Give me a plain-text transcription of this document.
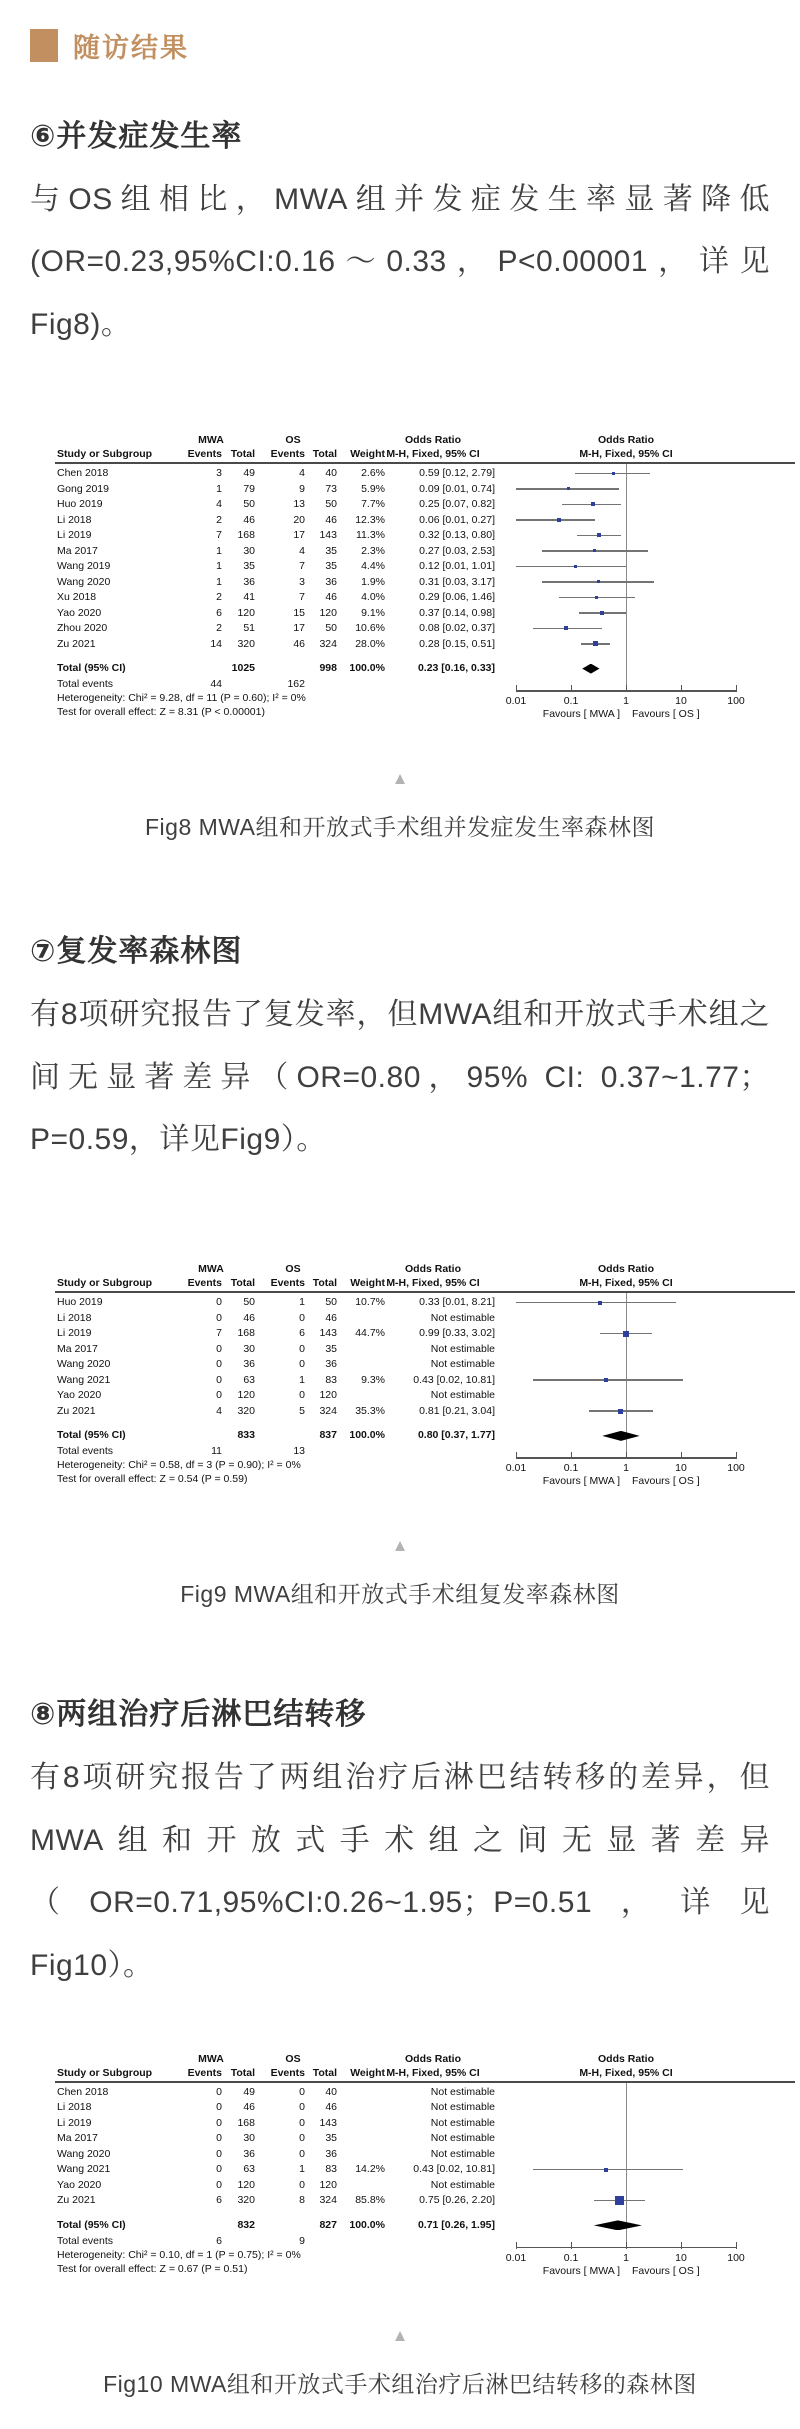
随访结果
⑥并发症发生率

与OS组相比，MWA组并发症发生率显著降低(OR=0.23,95%CI:0.16～0.33，P<0.00001，详见Fig8)。

MWA	OS	Odds Ratio	Odds Ratio
Study or Subgroup	Events Total	Events Total	Weight M-H, Fixed, 95% CI	M-H, Fixed, 95% CI
Chen 2018	3	49	4	40	2.6%	0.59 [0.12, 2.79]
Gong 2019	1	79	9	73	5.9%	0.09 [0.01, 0.74]
Huo 2019	4	50	13	50	7.7%	0.25 [0.07, 0.82]
Li 2018	2	46	20	46	12.3%	0.06 [0.01, 0.27]
Li 2019	7	168	17	143	11.3%	0.32 [0.13, 0.80]
Ma 2017	1	30	4	35	2.3%	0.27 [0.03, 2.53]
Wang 2019	1	35	7	35	4.4%	0.12 [0.01, 1.01]
Wang 2020	1	36	3	36	1.9%	0.31 [0.03, 3.17]
Xu 2018	2	41	7	46	4.0%	0.29 [0.06, 1.46]
Yao 2020	6	120	15	120	9.1%	0.37 [0.14, 0.98]
Zhou 2020	2	51	17	50	10.6%	0.08 [0.02, 0.37]
Zu 2021	14	320	46	324	28.0%	0.28 [0.15, 0.51]
Total (95% CI)	1025	998	100.0%	0.23 [0.16, 0.33]
Total events	44	162
Heterogeneity: Chi² = 9.28, df = 11 (P = 0.60); I² = 0%
Test for overall effect: Z = 8.31 (P < 0.00001)
0.01	0.1	1	10	100
Favours [ MWA ] Favours [ OS ]
▲
Fig8 MWA组和开放式手术组并发症发生率森林图
⑦复发率森林图

有8项研究报告了复发率，但MWA组和开放式手术组之间无显著差异（OR=0.80，95% CI: 0.37~1.77；P=0.59，详见Fig9）。

MWA	OS	Odds Ratio	Odds Ratio
Study or Subgroup	Events Total	Events Total	Weight M-H, Fixed, 95% CI	M-H, Fixed, 95% CI
Huo 2019	0	50	1	50	10.7%	0.33 [0.01, 8.21]
Li 2018	0	46	0	46	Not estimable
Li 2019	7	168	6	143	44.7%	0.99 [0.33, 3.02]
Ma 2017	0	30	0	35	Not estimable
Wang 2020	0	36	0	36	Not estimable
Wang 2021	0	63	1	83	9.3%	0.43 [0.02, 10.81]
Yao 2020	0	120	0	120	Not estimable
Zu 2021	4	320	5	324	35.3%	0.81 [0.21, 3.04]
Total (95% CI)	833	837	100.0%	0.80 [0.37, 1.77]
Total events	11	13
Heterogeneity: Chi² = 0.58, df = 3 (P = 0.90); I² = 0%
Test for overall effect: Z = 0.54 (P = 0.59)
0.01	0.1	1	10	100
Favours [ MWA ] Favours [ OS ]
▲
Fig9 MWA组和开放式手术组复发率森林图
⑧两组治疗后淋巴结转移

有8项研究报告了两组治疗后淋巴结转移的差异，但MWA组和开放式手术组之间无显著差异（OR=0.71,95%CI:0.26~1.95；P=0.51，详见Fig10）。

MWA	OS	Odds Ratio	Odds Ratio
Study or Subgroup	Events Total	Events Total	Weight M-H, Fixed, 95% CI	M-H, Fixed, 95% CI
Chen 2018	0	49	0	40	Not estimable
Li 2018	0	46	0	46	Not estimable
Li 2019	0	168	0	143	Not estimable
Ma 2017	0	30	0	35	Not estimable
Wang 2020	0	36	0	36	Not estimable
Wang 2021	0	63	1	83	14.2%	0.43 [0.02, 10.81]
Yao 2020	0	120	0	120	Not estimable
Zu 2021	6	320	8	324	85.8%	0.75 [0.26, 2.20]
Total (95% CI)	832	827	100.0%	0.71 [0.26, 1.95]
Total events	6	9
Heterogeneity: Chi² = 0.10, df = 1 (P = 0.75); I² = 0%
Test for overall effect: Z = 0.67 (P = 0.51)
0.01	0.1	1	10	100
Favours [ MWA ] Favours [ OS ]
▲
Fig10 MWA组和开放式手术组治疗后淋巴结转移的森林图
